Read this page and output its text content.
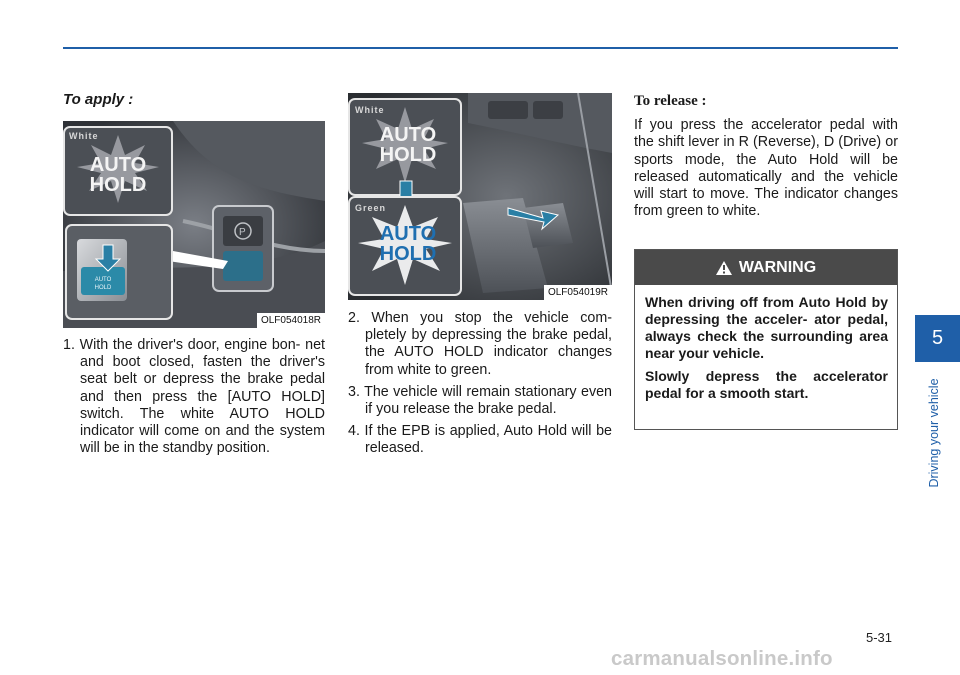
To apply :
P
White
AUTO
HOLD
AUTO
HOLD
OLF054018R
1. With the driver's door, engine bon- net and boot closed, fasten the driver's seat belt or depress the brake pedal and then press the [AUTO HOLD] switch. The white AUTO HOLD indicator will come on and the system will be in the standby position.
White
AUTO
HOLD
Green
AUTO
HOLD
OLF054019R
2. When you stop the vehicle com- pletely by depressing the brake pedal, the AUTO HOLD indicator changes from white to green.
3. The vehicle will remain stationary even if you release the brake pedal.
4. If the EPB is applied, Auto Hold will be released.
To release :

If you press the accelerator pedal with the shift lever in R (Reverse), D (Drive) or sports mode, the Auto Hold will be released automatically and the vehicle will start to move. The indicator changes from green to white.

WARNING

When driving off from Auto Hold by depressing the acceler- ator pedal, always check the surrounding area near your vehicle.

Slowly depress the accelerator pedal for a smooth start.

5
Driving your vehicle
5-31
carmanualsonline.info
